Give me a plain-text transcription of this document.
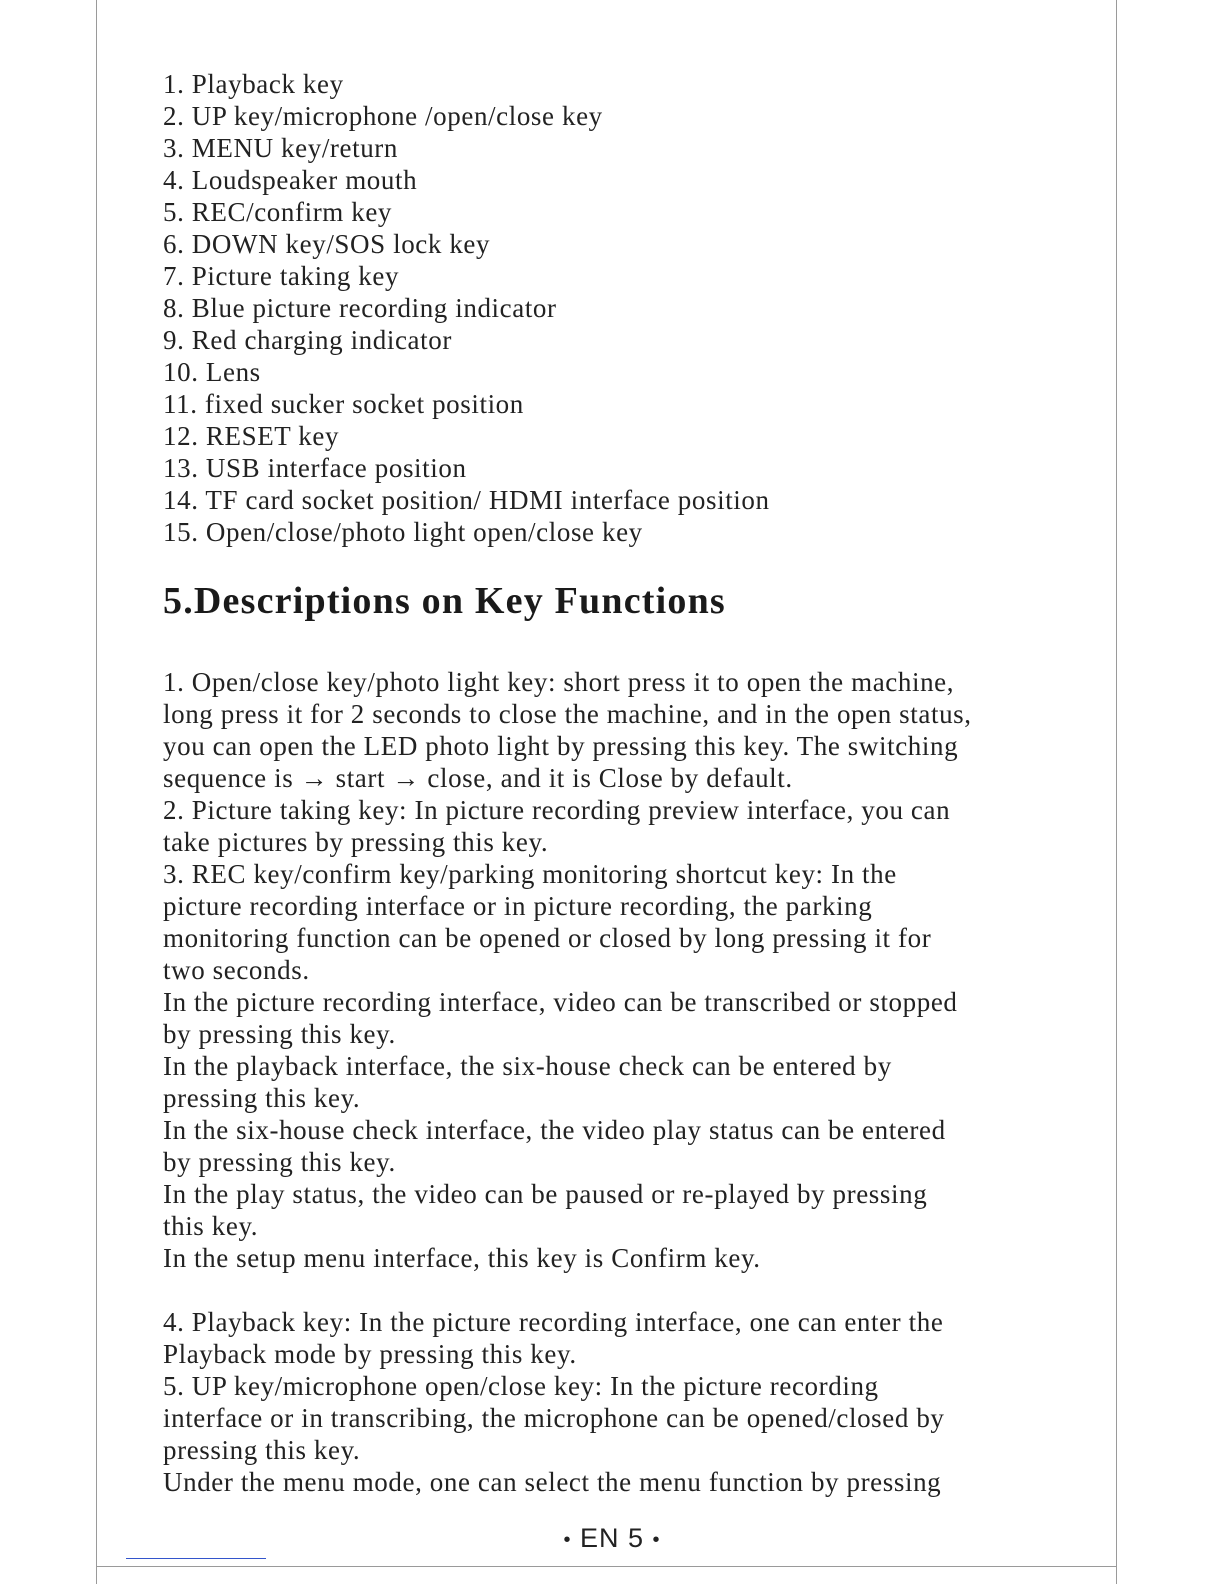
1. Playback key
2. UP key/microphone /open/close key
3. MENU key/return
4. Loudspeaker mouth
5. REC/confirm key
6. DOWN key/SOS lock key
7. Picture taking key
8. Blue picture recording indicator
9. Red charging indicator
10. Lens
11. fixed sucker socket position
12. RESET key
13. USB interface position
14. TF card socket position/ HDMI interface position
15. Open/close/photo light open/close key
5.Descriptions on Key Functions

1. Open/close key/photo light key: short press it to open the machine,
long press it for 2 seconds to close the machine, and in the open status,
you can open the LED photo light by pressing this key. The switching
sequence is → start → close, and it is Close by default.

2. Picture taking key: In picture recording preview interface, you can
take pictures by pressing this key.

3. REC key/confirm key/parking monitoring shortcut key: In the
picture recording interface or in picture recording, the parking
monitoring function can be opened or closed by long pressing it for
two seconds.

In the picture recording interface, video can be transcribed or stopped
by pressing this key.

In the playback interface, the six-house check can be entered by
pressing this key.

In the six-house check interface, the video play status can be entered
by pressing this key.

In the play status, the video can be paused or re-played by pressing
this key.

In the setup menu interface, this key is Confirm key.

4. Playback key: In the picture recording interface, one can enter the
Playback mode by pressing this key.

5. UP key/microphone open/close key: In the picture recording
interface or in transcribing, the microphone can be opened/closed by
pressing this key.

Under the menu mode, one can select the menu function by pressing

• EN 5 •
